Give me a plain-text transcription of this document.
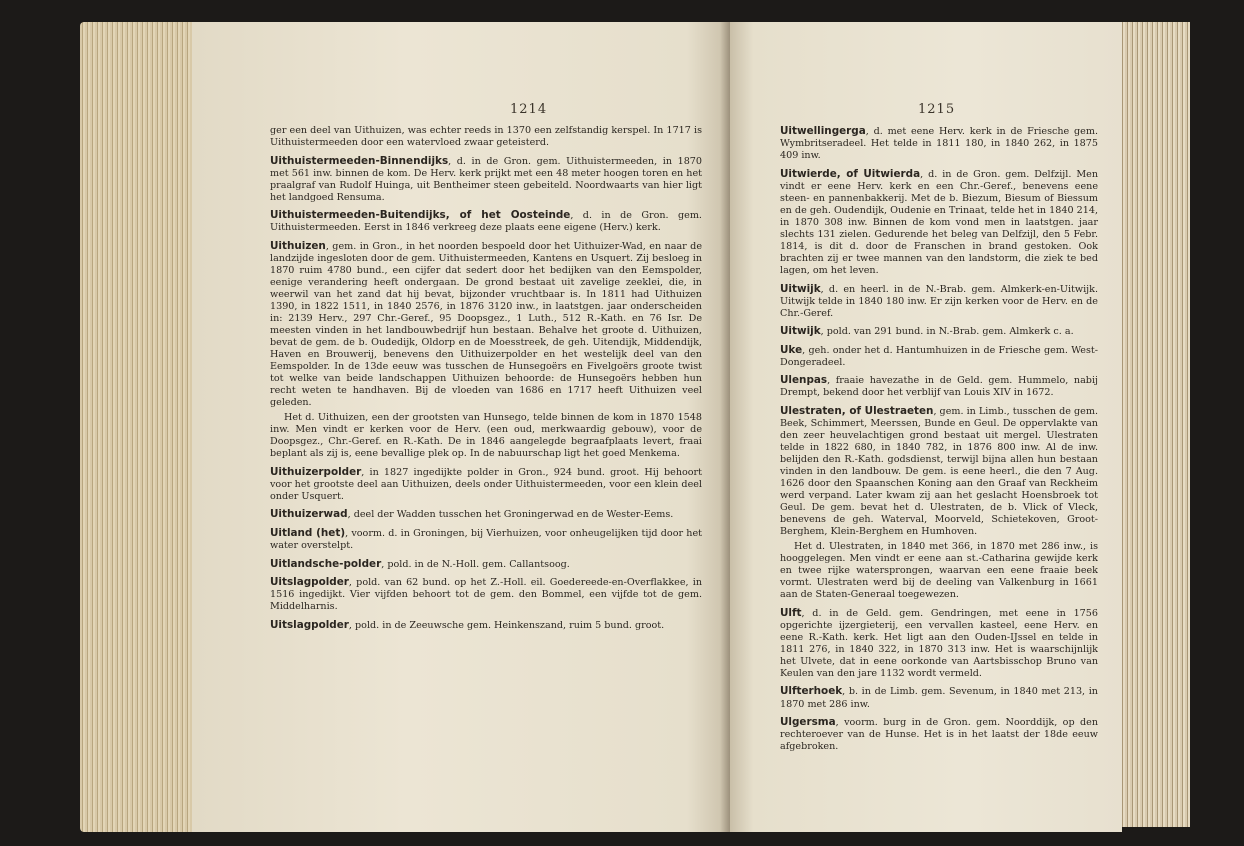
1214

ger een deel van Uithuizen, was echter reeds in 1370 een zelfstandig kerspel. In 1717 is Uithuistermeeden door een watervloed zwaar geteisterd.

Uithuistermeeden-Binnendijks, d. in de Gron. gem. Uithuistermeeden, in 1870 met 561 inw. binnen de kom. De Herv. kerk prijkt met een 48 meter hoogen toren en het praalgraf van Rudolf Huinga, uit Bentheimer steen gebeiteld. Noordwaarts van hier ligt het landgoed Rensuma.

Uithuistermeeden-Buitendijks, of het Oosteinde, d. in de Gron. gem. Uithuistermeeden. Eerst in 1846 verkreeg deze plaats eene eigene (Herv.) kerk.

Uithuizen, gem. in Gron., in het noorden bespoeld door het Uithuizer-Wad, en naar de landzijde ingesloten door de gem. Uithuistermeeden, Kantens en Usquert. Zij besloeg in 1870 ruim 4780 bund., een cijfer dat sedert door het bedijken van den Eemspolder, eenige verandering heeft ondergaan. De grond bestaat uit zavelige zeeklei, die, in weerwil van het zand dat hij bevat, bijzonder vruchtbaar is. In 1811 had Uithuizen 1390, in 1822 1511, in 1840 2576, in 1876 3120 inw., in laatstgen. jaar onderscheiden in: 2139 Herv., 297 Chr.-Geref., 95 Doopsgez., 1 Luth., 512 R.-Kath. en 76 Isr. De meesten vinden in het landbouwbedrijf hun bestaan. Behalve het groote d. Uithuizen, bevat de gem. de b. Oudedijk, Oldorp en de Moesstreek, de geh. Uitendijk, Middendijk, Haven en Brouwerij, benevens den Uithuizerpolder en het westelijk deel van den Eemspolder. In de 13de eeuw was tusschen de Hunsegoërs en Fivelgoërs groote twist tot welke van beide landschappen Uithuizen behoorde: de Hunsegoërs hebben hun recht weten te handhaven. Bij de vloeden van 1686 en 1717 heeft Uithuizen veel geleden.

Het d. Uithuizen, een der grootsten van Hunsego, telde binnen de kom in 1870 1548 inw. Men vindt er kerken voor de Herv. (een oud, merkwaardig gebouw), voor de Doopsgez., Chr.-Geref. en R.-Kath. De in 1846 aangelegde begraafplaats levert, fraai beplant als zij is, eene bevallige plek op. In de nabuurschap ligt het goed Menkema.

Uithuizerpolder, in 1827 ingedijkte polder in Gron., 924 bund. groot. Hij behoort voor het grootste deel aan Uithuizen, deels onder Uithuistermeeden, voor een klein deel onder Usquert.

Uithuizerwad, deel der Wadden tusschen het Groningerwad en de Wester-Eems.

Uitland (het), voorm. d. in Groningen, bij Vierhuizen, voor onheugelijken tijd door het water overstelpt.

Uitlandsche-polder, pold. in de N.-Holl. gem. Callantsoog.

Uitslagpolder, pold. van 62 bund. op het Z.-Holl. eil. Goedereede-en-Overflakkee, in 1516 ingedijkt. Vier vijfden behoort tot de gem. den Bommel, een vijfde tot de gem. Middelharnis.

Uitslagpolder, pold. in de Zeeuwsche gem. Heinkenszand, ruim 5 bund. groot.

1215

Uitwellingerga, d. met eene Herv. kerk in de Friesche gem. Wymbritseradeel. Het telde in 1811 180, in 1840 262, in 1875 409 inw.

Uitwierde, of Uitwierda, d. in de Gron. gem. Delfzijl. Men vindt er eene Herv. kerk en een Chr.-Geref., benevens eene steen- en pannenbakkerij. Met de b. Biezum, Biesum of Biessum en de geh. Oudendijk, Oudenie en Trinaat, telde het in 1840 214, in 1870 308 inw. Binnen de kom vond men in laatstgen. jaar slechts 131 zielen. Gedurende het beleg van Delfzijl, den 5 Febr. 1814, is dit d. door de Franschen in brand gestoken. Ook brachten zij er twee mannen van den landstorm, die ziek te bed lagen, om het leven.

Uitwijk, d. en heerl. in de N.-Brab. gem. Almkerk-en-Uitwijk. Uitwijk telde in 1840 180 inw. Er zijn kerken voor de Herv. en de Chr.-Geref.

Uitwijk, pold. van 291 bund. in N.-Brab. gem. Almkerk c. a.

Uke, geh. onder het d. Hantumhuizen in de Friesche gem. West-Dongeradeel.

Ulenpas, fraaie havezathe in de Geld. gem. Hummelo, nabij Drempt, bekend door het verblijf van Louis XIV in 1672.

Ulestraten, of Ulestraeten, gem. in Limb., tusschen de gem. Beek, Schimmert, Meerssen, Bunde en Geul. De oppervlakte van den zeer heuvelachtigen grond bestaat uit mergel. Ulestraten telde in 1822 680, in 1840 782, in 1876 800 inw. Al de inw. belijden den R.-Kath. godsdienst, terwijl bijna allen hun bestaan vinden in den landbouw. De gem. is eene heerl., die den 7 Aug. 1626 door den Spaanschen Koning aan den Graaf van Reckheim werd verpand. Later kwam zij aan het geslacht Hoensbroek tot Geul. De gem. bevat het d. Ulestraten, de b. Vlick of Vleck, benevens de geh. Waterval, Moorveld, Schietekoven, Groot-Berghem, Klein-Berghem en Humhoven.

Het d. Ulestraten, in 1840 met 366, in 1870 met 286 inw., is hooggelegen. Men vindt er eene aan st.-Catharina gewijde kerk en twee rijke watersprongen, waarvan een eene fraaie beek vormt. Ulestraten werd bij de deeling van Valkenburg in 1661 aan de Staten-Generaal toegewezen.

Ulft, d. in de Geld. gem. Gendringen, met eene in 1756 opgerichte ijzergieterij, een vervallen kasteel, eene Herv. en eene R.-Kath. kerk. Het ligt aan den Ouden-IJssel en telde in 1811 276, in 1840 322, in 1870 313 inw. Het is waarschijnlijk het Ulvete, dat in eene oorkonde van Aartsbisschop Bruno van Keulen van den jare 1132 wordt vermeld.

Ulfterhoek, b. in de Limb. gem. Sevenum, in 1840 met 213, in 1870 met 286 inw.

Ulgersma, voorm. burg in de Gron. gem. Noorddijk, op den rechteroever van de Hunse. Het is in het laatst der 18de eeuw afgebroken.
